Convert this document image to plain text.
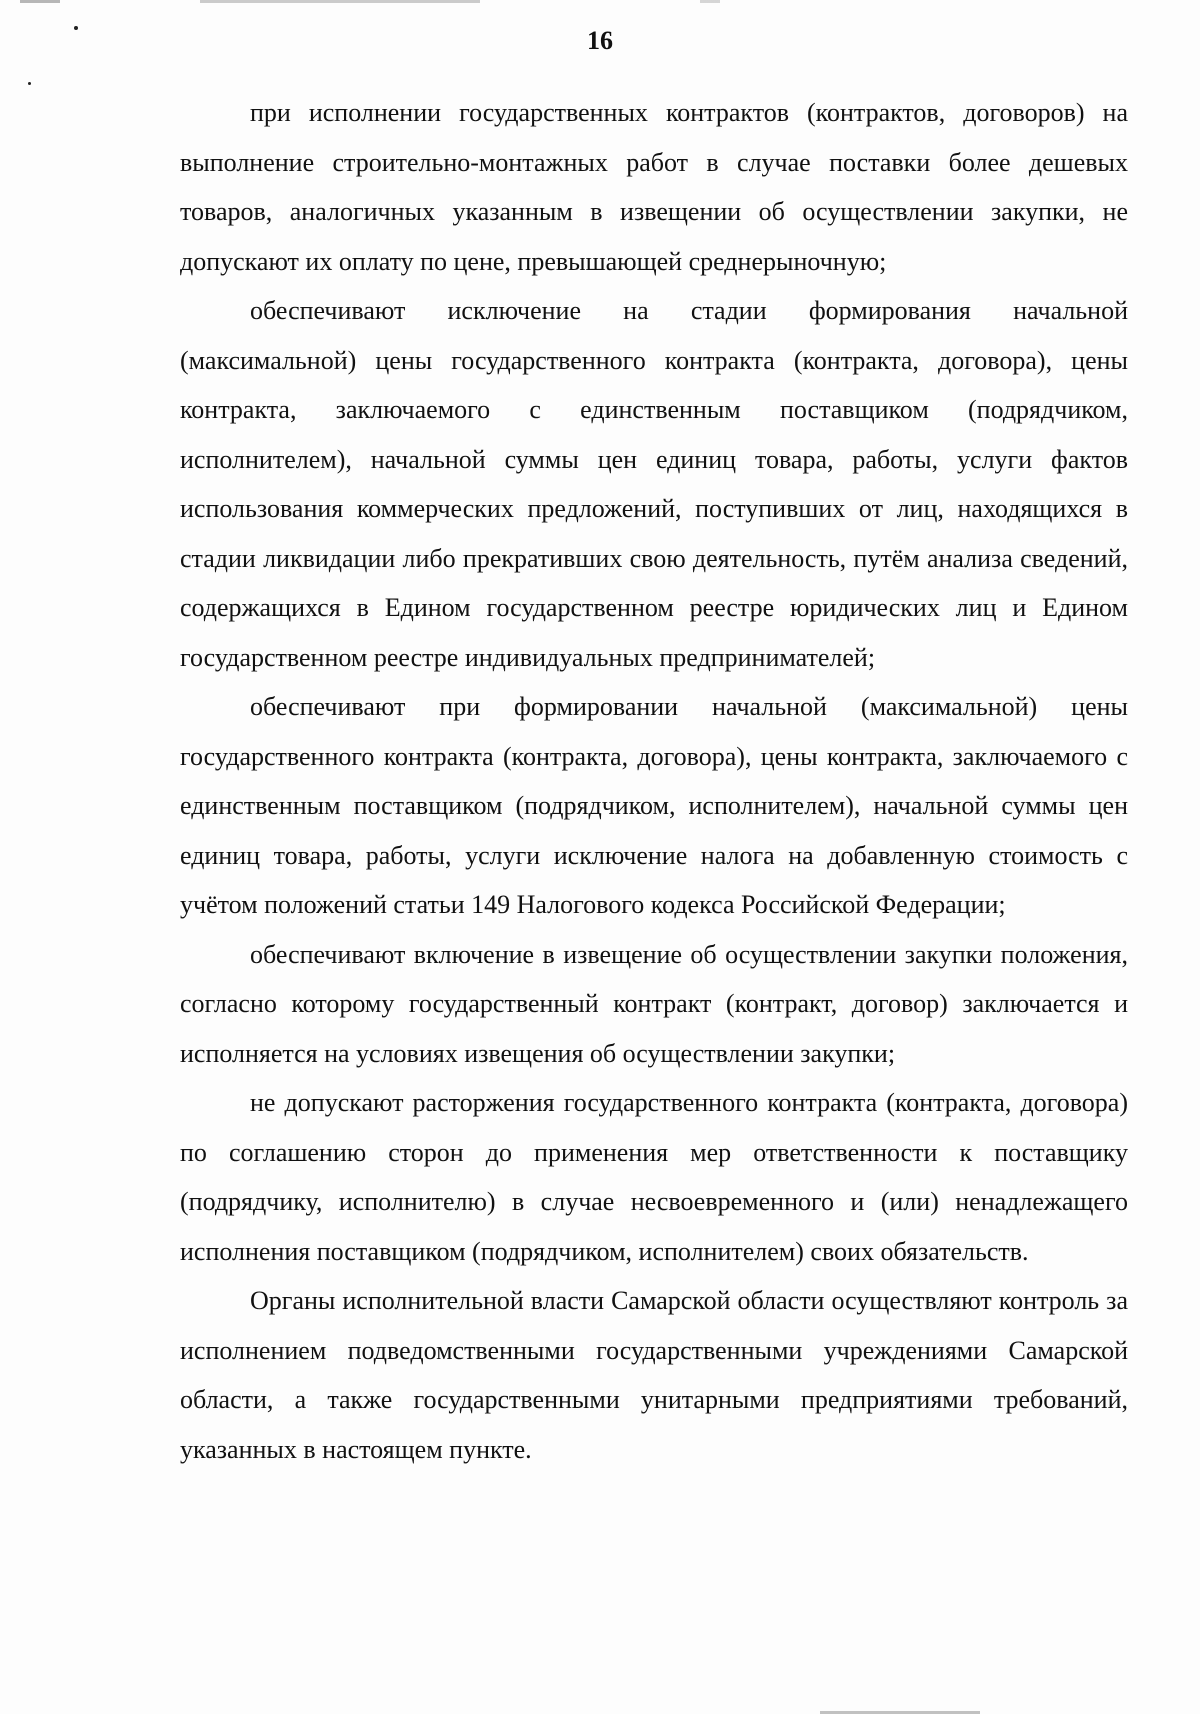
16

при исполнении государственных контрактов (контрактов, договоров) на выполнение строительно-монтажных работ в случае поставки более дешевых товаров, аналогичных указанным в извещении об осуществлении закупки, не допускают их оплату по цене, превышающей среднерыночную;

обеспечивают исключение на стадии формирования начальной (максимальной) цены государственного контракта (контракта, договора), цены контракта, заключаемого с единственным поставщиком (подрядчиком, исполнителем), начальной суммы цен единиц товара, работы, услуги фактов использования коммерческих предложений, поступивших от лиц, находящихся в стадии ликвидации либо прекративших свою деятельность, путём анализа сведений, содержащихся в Едином государственном реестре юридических лиц и Едином государственном реестре индивидуальных предпринимателей;

обеспечивают при формировании начальной (максимальной) цены государственного контракта (контракта, договора), цены контракта, заключаемого с единственным поставщиком (подрядчиком, исполнителем), начальной суммы цен единиц товара, работы, услуги исключение налога на добавленную стоимость с учётом положений статьи 149 Налогового кодекса Российской Федерации;

обеспечивают включение в извещение об осуществлении закупки положения, согласно которому государственный контракт (контракт, договор) заключается и исполняется на условиях извещения об осуществлении закупки;

не допускают расторжения государственного контракта (контракта, договора) по соглашению сторон до применения мер ответственности к поставщику (подрядчику, исполнителю) в случае несвоевременного и (или) ненадлежащего исполнения поставщиком (подрядчиком, исполнителем) своих обязательств.

Органы исполнительной власти Самарской области осуществляют контроль за исполнением подведомственными государственными учреждениями Самарской области, а также государственными унитарными предприятиями требований, указанных в настоящем пункте.
